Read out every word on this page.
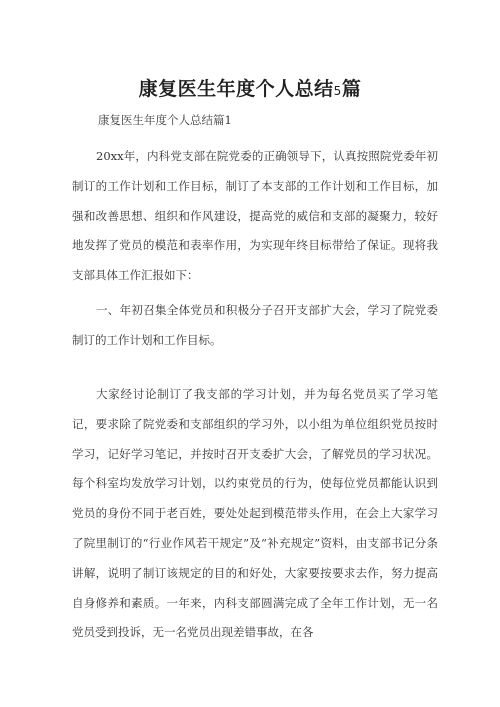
康复医生年度个人总结5篇
康复医生年度个人总结篇1

20xx年，内科党支部在院党委的正确领导下，认真按照院党委年初制订的工作计划和工作目标，制订了本支部的工作计划和工作目标，加强和改善思想、组织和作风建设，提高党的威信和支部的凝聚力，较好地发挥了党员的模范和表率作用，为实现年终目标带给了保证。现将我支部具体工作汇报如下：

一、年初召集全体党员和积极分子召开支部扩大会，学习了院党委制订的工作计划和工作目标。

大家经讨论制订了我支部的学习计划，并为每名党员买了学习笔记，要求除了院党委和支部组织的学习外，以小组为单位组织党员按时学习，记好学习笔记，并按时召开支委扩大会，了解党员的学习状况。每个科室均发放学习计划，以约束党员的行为，使每位党员都能认识到党员的身份不同于老百姓，要处处起到模范带头作用，在会上大家学习了院里制订的“行业作风若干规定”及“补充规定”资料，由支部书记分条讲解，说明了制订该规定的目的和好处，大家要按要求去作，努力提高自身修养和素质。一年来，内科支部圆满完成了全年工作计划，无一名党员受到投诉，无一名党员出现差错事故，在各
